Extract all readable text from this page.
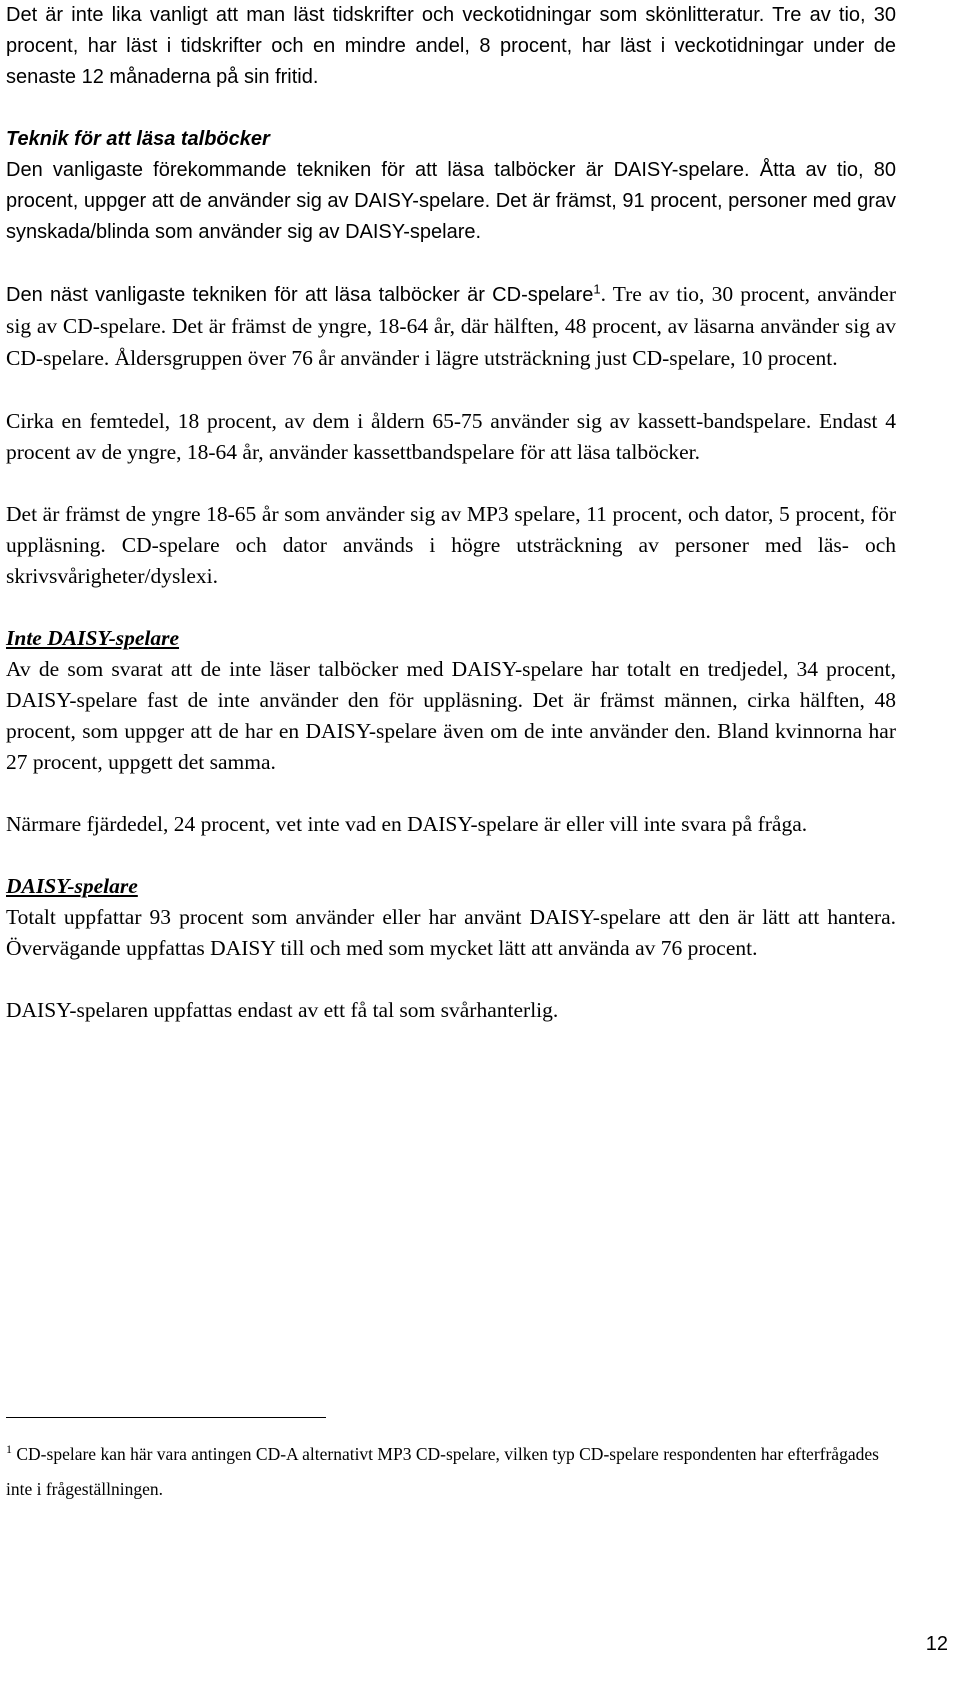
Det är inte lika vanligt att man läst tidskrifter och veckotidningar som skönlitteratur. Tre av tio, 30 procent, har läst i tidskrifter och en mindre andel, 8 procent, har läst i veckotidningar under de senaste 12 månaderna på sin fritid.

Teknik för att läsa talböcker

Den vanligaste förekommande tekniken för att läsa talböcker är DAISY-spelare. Åtta av tio, 80 procent, uppger att de använder sig av DAISY-spelare. Det är främst, 91 procent, personer med grav synskada/blinda som använder sig av DAISY-spelare.

Den näst vanligaste tekniken för att läsa talböcker är CD-spelare$^1$. Tre av tio, 30 procent, använder sig av CD-spelare. Det är främst de yngre, 18-64 år, där hälften, 48 procent, av läsarna använder sig av CD-spelare. Åldersgruppen över 76 år använder i lägre utsträckning just CD-spelare, 10 procent.

Cirka en femtedel, 18 procent, av dem i åldern 65-75 använder sig av kassett-bandspelare. Endast 4 procent av de yngre, 18-64 år, använder kassettbandspelare för att läsa talböcker.

Det är främst de yngre 18-65 år som använder sig av MP3 spelare, 11 procent, och dator, 5 procent, för uppläsning. CD-spelare och dator används i högre utsträckning av personer med läs- och skrivsvårigheter/dyslexi.

Inte DAISY-spelare

Av de som svarat att de inte läser talböcker med DAISY-spelare har totalt en tredjedel, 34 procent, DAISY-spelare fast de inte använder den för uppläsning. Det är främst männen, cirka hälften, 48 procent, som uppger att de har en DAISY-spelare även om de inte använder den. Bland kvinnorna har 27 procent, uppgett det samma.

Närmare fjärdedel, 24 procent, vet inte vad en DAISY-spelare är eller vill inte svara på fråga.

DAISY-spelare

Totalt uppfattar 93 procent som använder eller har använt DAISY-spelare att den är lätt att hantera. Övervägande uppfattas DAISY till och med som mycket lätt att använda av 76 procent.

DAISY-spelaren uppfattas endast av ett få tal som svårhanterlig.

$^1$ CD-spelare kan här vara antingen CD-A alternativt MP3 CD-spelare, vilken typ CD-spelare respondenten har efterfrågades inte i frågeställningen.
12
